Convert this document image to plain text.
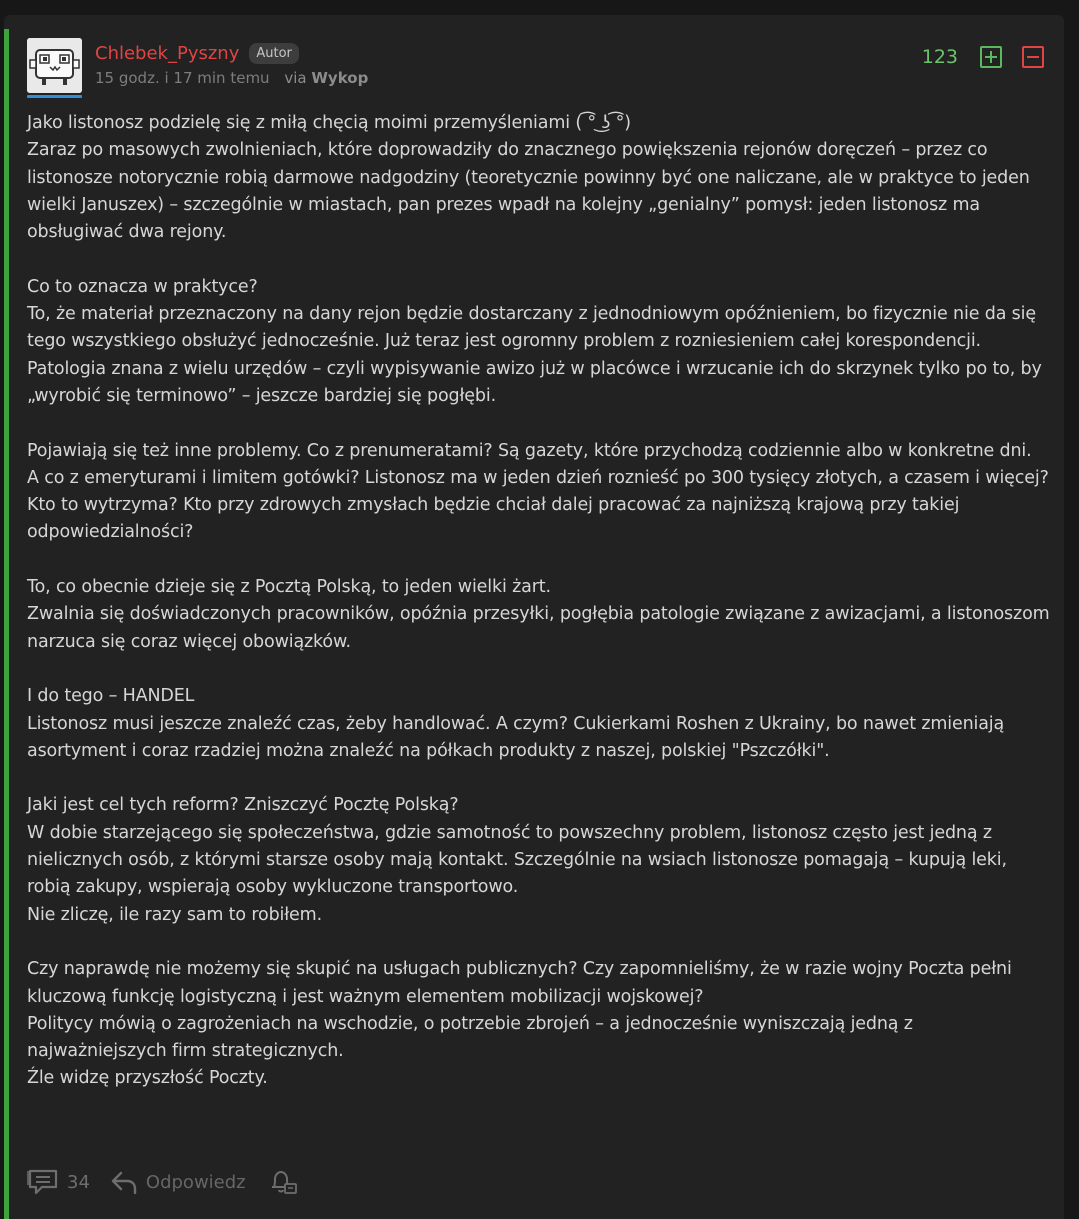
Chlebek_Pyszny	Autor
15 godz. i 17 min temu via Wykop
123

Jako listonosz podzielę się z miłą chęcią moimi przemyśleniami ( ͡° ͜ʖ ͡°)
Zaraz po masowych zwolnieniach, które doprowadziły do znacznego powiększenia rejonów doręczeń – przez co listonosze notorycznie robią darmowe nadgodziny (teoretycznie powinny być one naliczane, ale w praktyce to jeden wielki Januszex) – szczególnie w miastach, pan prezes wpadł na kolejny „genialny” pomysł: jeden listonosz ma obsługiwać dwa rejony.

Co to oznacza w praktyce?
To, że materiał przeznaczony na dany rejon będzie dostarczany z jednodniowym opóźnieniem, bo fizycznie nie da się tego wszystkiego obsłużyć jednocześnie. Już teraz jest ogromny problem z rozniesieniem całej korespondencji. Patologia znana z wielu urzędów – czyli wypisywanie awizo już w placówce i wrzucanie ich do skrzynek tylko po to, by „wyrobić się terminowo” – jeszcze bardziej się pogłębi.

Pojawiają się też inne problemy. Co z prenumeratami? Są gazety, które przychodzą codziennie albo w konkretne dni.
A co z emeryturami i limitem gotówki? Listonosz ma w jeden dzień roznieść po 300 tysięcy złotych, a czasem i więcej?
Kto to wytrzyma? Kto przy zdrowych zmysłach będzie chciał dalej pracować za najniższą krajową przy takiej odpowiedzialności?

To, co obecnie dzieje się z Pocztą Polską, to jeden wielki żart.
Zwalnia się doświadczonych pracowników, opóźnia przesyłki, pogłębia patologie związane z awizacjami, a listonoszom narzuca się coraz więcej obowiązków.

I do tego – HANDEL
Listonosz musi jeszcze znaleźć czas, żeby handlować. A czym? Cukierkami Roshen z Ukrainy, bo nawet zmieniają asortyment i coraz rzadziej można znaleźć na półkach produkty z naszej, polskiej "Pszczółki".

Jaki jest cel tych reform? Zniszczyć Pocztę Polską?
W dobie starzejącego się społeczeństwa, gdzie samotność to powszechny problem, listonosz często jest jedną z nielicznych osób, z którymi starsze osoby mają kontakt. Szczególnie na wsiach listonosze pomagają – kupują leki, robią zakupy, wspierają osoby wykluczone transportowo.
Nie zliczę, ile razy sam to robiłem.

Czy naprawdę nie możemy się skupić na usługach publicznych? Czy zapomnieliśmy, że w razie wojny Poczta pełni kluczową funkcję logistyczną i jest ważnym elementem mobilizacji wojskowej?
Politycy mówią o zagrożeniach na wschodzie, o potrzebie zbrojeń – a jednocześnie wyniszczają jedną z najważniejszych firm strategicznych.
Źle widzę przyszłość Poczty.

34	Odpowiedz
